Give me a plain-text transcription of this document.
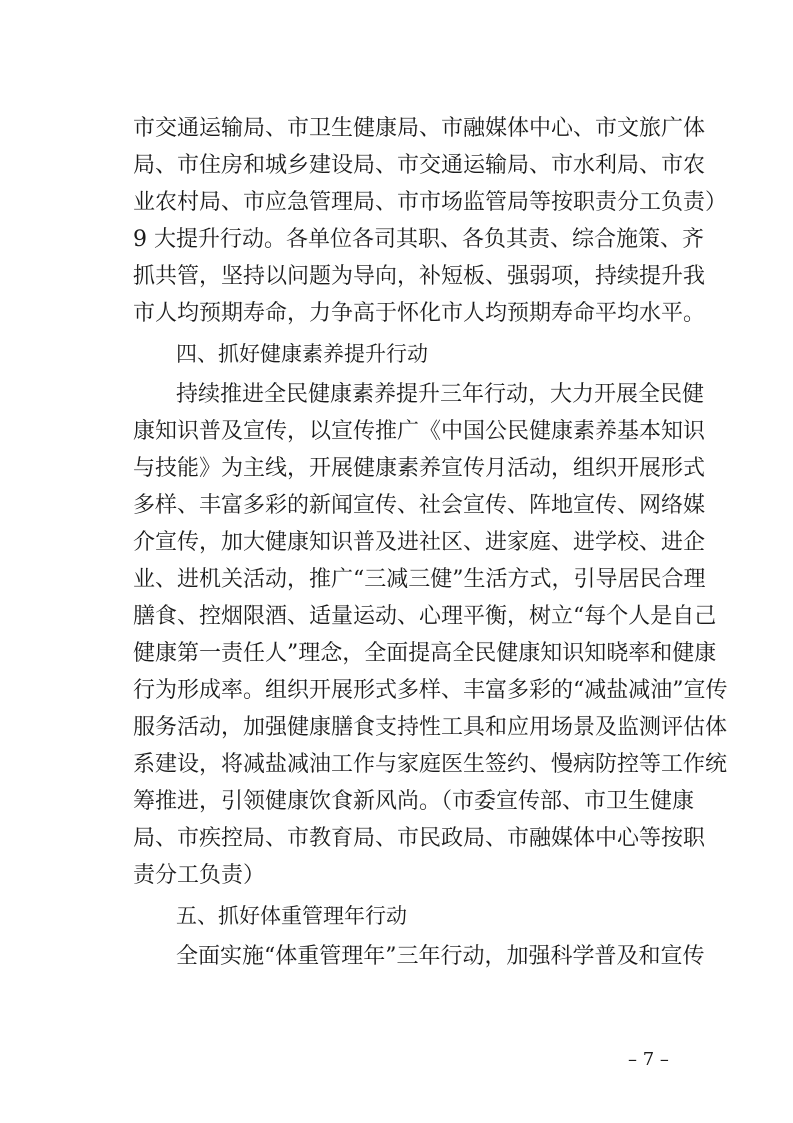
市交通运输局、市卫生健康局、市融媒体中心、市文旅广体
局、市住房和城乡建设局、市交通运输局、市水利局、市农
业农村局、市应急管理局、市市场监管局等按职责分工负责）
9 大提升行动。各单位各司其职、各负其责、综合施策、齐
抓共管，坚持以问题为导向，补短板、强弱项，持续提升我
市人均预期寿命，力争高于怀化市人均预期寿命平均水平。
四、抓好健康素养提升行动
持续推进全民健康素养提升三年行动，大力开展全民健
康知识普及宣传，以宣传推广《中国公民健康素养基本知识
与技能》为主线，开展健康素养宣传月活动，组织开展形式
多样、丰富多彩的新闻宣传、社会宣传、阵地宣传、网络媒
介宣传，加大健康知识普及进社区、进家庭、进学校、进企
业、进机关活动，推广“三减三健”生活方式，引导居民合理
膳食、控烟限酒、适量运动、心理平衡，树立“每个人是自己
健康第一责任人”理念，全面提高全民健康知识知晓率和健康
行为形成率。组织开展形式多样、丰富多彩的“减盐减油”宣传
服务活动，加强健康膳食支持性工具和应用场景及监测评估体
系建设，将减盐减油工作与家庭医生签约、慢病防控等工作统
筹推进，引领健康饮食新风尚。（市委宣传部、市卫生健康
局、市疾控局、市教育局、市民政局、市融媒体中心等按职
责分工负责）
五、抓好体重管理年行动
全面实施“体重管理年”三年行动，加强科学普及和宣传
– 7 –
